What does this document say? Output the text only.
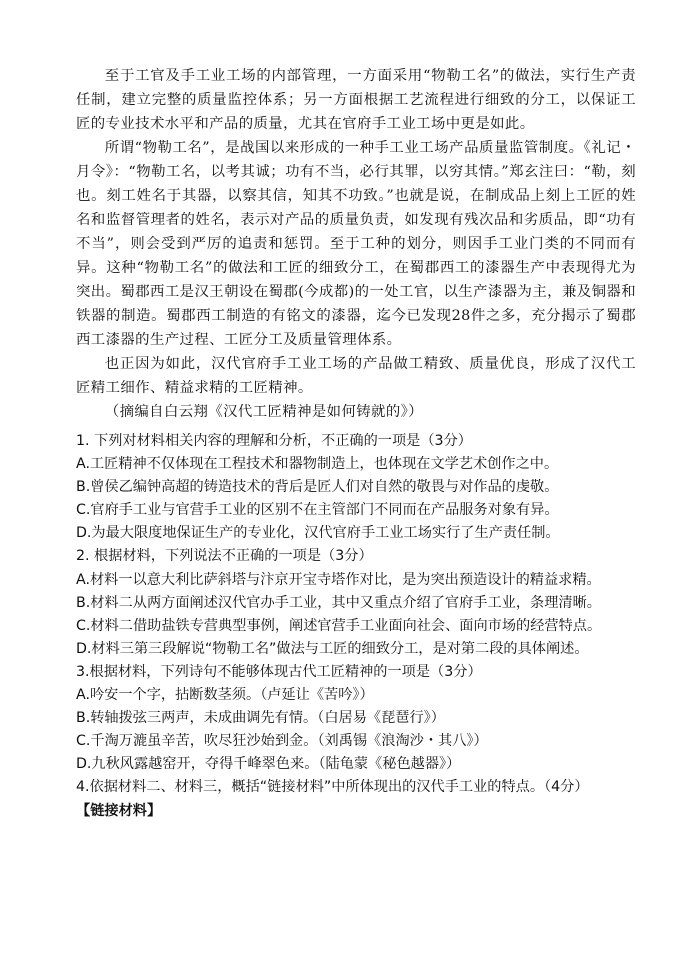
至于工官及手工业工场的内部管理，一方面采用“物勒工名”的做法，实行生产责任制，建立完整的质量监控体系；另一方面根据工艺流程进行细致的分工，以保证工匠的专业技术水平和产品的质量，尤其在官府手工业工场中更是如此。

所谓“物勒工名”，是战国以来形成的一种手工业工场产品质量监管制度。《礼记・月令》：“物勒工名，以考其诚；功有不当，必行其罪，以穷其情。”郑玄注曰：“勒，刻也。刻工姓名于其器，以察其信，知其不功致。”也就是说，在制成品上刻上工匠的姓名和监督管理者的姓名，表示对产品的质量负责，如发现有残次品和劣质品，即“功有不当”，则会受到严厉的追责和惩罚。至于工种的划分，则因手工业门类的不同而有异。这种“物勒工名”的做法和工匠的细致分工，在蜀郡西工的漆器生产中表现得尤为突出。蜀郡西工是汉王朝设在蜀郡(今成都)的一处工官，以生产漆器为主，兼及铜器和铁器的制造。蜀郡西工制造的有铭文的漆器，迄今已发现28件之多，充分揭示了蜀郡西工漆器的生产过程、工匠分工及质量管理体系。

也正因为如此，汉代官府手工业工场的产品做工精致、质量优良，形成了汉代工匠精工细作、精益求精的工匠精神。

（摘编自白云翔《汉代工匠精神是如何铸就的》）

1. 下列对材料相关内容的理解和分析，不正确的一项是（3分）

A.工匠精神不仅体现在工程技术和器物制造上，也体现在文学艺术创作之中。

B.曾侯乙编钟高超的铸造技术的背后是匠人们对自然的敬畏与对作品的虔敬。

C.官府手工业与官营手工业的区别不在主管部门不同而在产品服务对象有异。

D.为最大限度地保证生产的专业化，汉代官府手工业工场实行了生产责任制。

2. 根据材料，下列说法不正确的一项是（3分）

A.材料一以意大利比萨斜塔与汴京开宝寺塔作对比，是为突出预造设计的精益求精。

B.材料二从两方面阐述汉代官办手工业，其中又重点介绍了官府手工业，条理清晰。

C.材料二借助盐铁专营典型事例，阐述官营手工业面向社会、面向市场的经营特点。

D.材料三第三段解说“物勒工名”做法与工匠的细致分工，是对第二段的具体阐述。

3.根据材料，下列诗句不能够体现古代工匠精神的一项是（3分）

A.吟安一个字，拈断数茎须。（卢延让《苦吟》）

B.转轴拨弦三两声，未成曲调先有情。（白居易《琵琶行》）

C.千淘万漉虽辛苦，吹尽狂沙始到金。（刘禹锡《浪淘沙・其八》）

D.九秋风露越窑开，夺得千峰翠色来。（陆龟蒙《秘色越器》）

4.依据材料二、材料三，概括“链接材料”中所体现出的汉代手工业的特点。（4分）

【链接材料】
